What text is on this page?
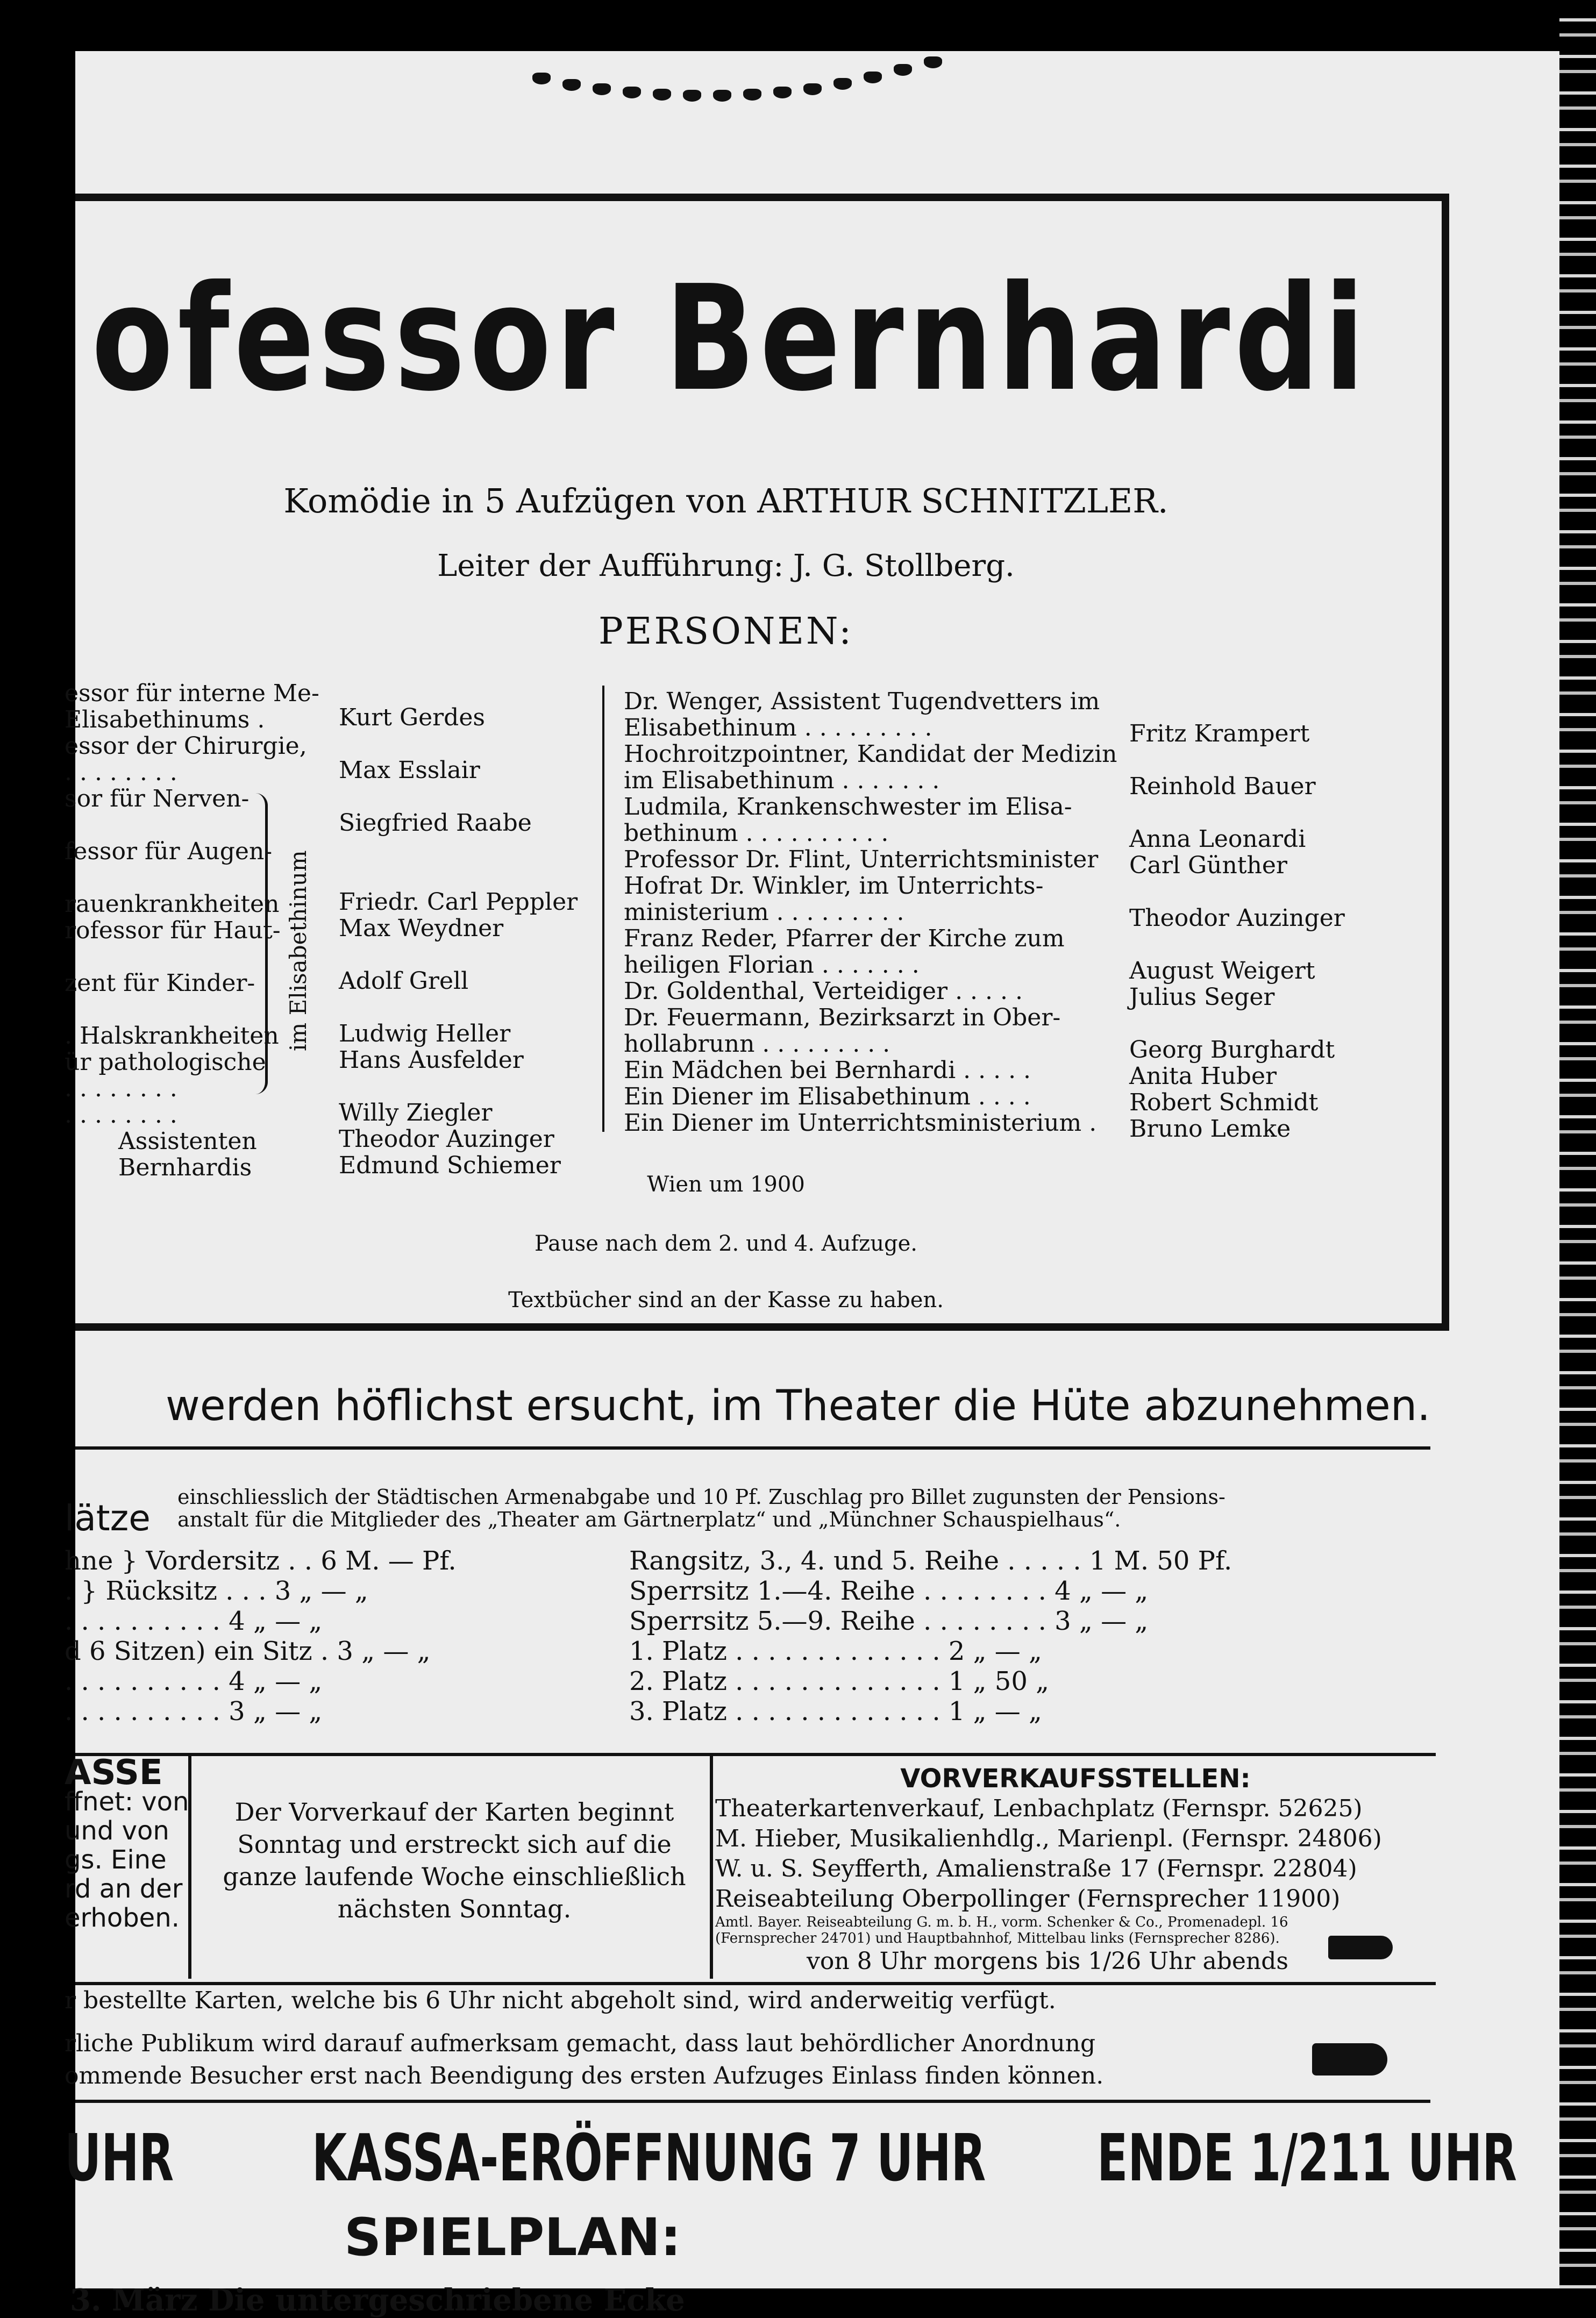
ofessor Bernhardi
Komödie in 5 Aufzügen von ARTHUR SCHNITZLER.
Leiter der Aufführung: J. G. Stollberg.
PERSONEN:
essor für interne Me-
Elisabethinums .
essor der Chirurgie,
. . . . . . . .
sor für Nerven-

fessor für Augen-

rauenkrankheiten
rofessor für Haut-

zent für Kinder-

. Halskrankheiten
ür pathologische
. . . . . . . .
. . . . . . . .
Assistenten
Bernhardis
im Elisabethinum
Kurt Gerdes

Max Esslair

Siegfried Raabe

Friedr. Carl Peppler
Max Weydner

Adolf Grell

Ludwig Heller
Hans Ausfelder

Willy Ziegler
Theodor Auzinger
Edmund Schiemer
Dr. Wenger, Assistent Tugendvetters im
Elisabethinum . . . . . . . . .
Hochroitzpointner, Kandidat der Medizin
im Elisabethinum . . . . . . .
Ludmila, Krankenschwester im Elisa-
bethinum . . . . . . . . . .
Professor Dr. Flint, Unterrichtsminister
Hofrat Dr. Winkler, im Unterrichts-
ministerium . . . . . . . . .
Franz Reder, Pfarrer der Kirche zum
heiligen Florian . . . . . . .
Dr. Goldenthal, Verteidiger . . . . .
Dr. Feuermann, Bezirksarzt in Ober-
hollabrunn . . . . . . . . .
Ein Mädchen bei Bernhardi . . . . .
Ein Diener im Elisabethinum . . . .
Ein Diener im Unterrichtsministerium .
Fritz Krampert

Reinhold Bauer

Anna Leonardi
Carl Günther

Theodor Auzinger

August Weigert
Julius Seger

Georg Burghardt
Anita Huber
Robert Schmidt
Bruno Lemke
Wien um 1900
Pause nach dem 2. und 4. Aufzuge.
Textbücher sind an der Kasse zu haben.
werden höflichst ersucht, im Theater die Hüte abzunehmen.
lätze
einschliesslich der Städtischen Armenabgabe und 10 Pf. Zuschlag pro Billet zugunsten der Pensions-
anstalt für die Mitglieder des „Theater am Gärtnerplatz“ und „Münchner Schauspielhaus“.
hne } Vordersitz . . 6 M. — Pf.
. } Rücksitz . . . 3 „ — „
. . . . . . . . . . 4 „ — „
d 6 Sitzen) ein Sitz . 3 „ — „
. . . . . . . . . . 4 „ — „
. . . . . . . . . . 3 „ — „
Rangsitz, 3., 4. und 5. Reihe . . . . . 1 M. 50 Pf.
Sperrsitz 1.—4. Reihe . . . . . . . . 4 „ — „
Sperrsitz 5.—9. Reihe . . . . . . . . 3 „ — „
1. Platz . . . . . . . . . . . . . 2 „ — „
2. Platz . . . . . . . . . . . . . 1 „ 50 „
3. Platz . . . . . . . . . . . . . 1 „ — „
ASSE
ffnet: von
und von
gs. Eine
rd an der
erhoben.
Der Vorverkauf der Karten beginnt
Sonntag und erstreckt sich auf die
ganze laufende Woche einschließlich
nächsten Sonntag.
VORVERKAUFSSTELLEN:
Theaterkartenverkauf, Lenbachplatz (Fernspr. 52625)
M. Hieber, Musikalienhdlg., Marienpl. (Fernspr. 24806)
W. u. S. Seyfferth, Amalienstraße 17 (Fernspr. 22804)
Reiseabteilung Oberpollinger (Fernsprecher 11900)
Amtl. Bayer. Reiseabteilung G. m. b. H., vorm. Schenker & Co., Promenadepl. 16
(Fernsprecher 24701) und Hauptbahnhof, Mittelbau links (Fernsprecher 8286).
von 8 Uhr morgens bis 1/26 Uhr abends
r bestellte Karten, welche bis 6 Uhr nicht abgeholt sind, wird anderweitig verfügt.
rliche Publikum wird darauf aufmerksam gemacht, dass laut behördlicher Anordnung
ommende Besucher erst nach Beendigung des ersten Aufzuges Einlass finden können.
UHR KASSA-ERÖFFNUNG 7 UHR ENDE 1/211 UHR
SPIELPLAN:
3. März Die untergeschriebene Ecke
